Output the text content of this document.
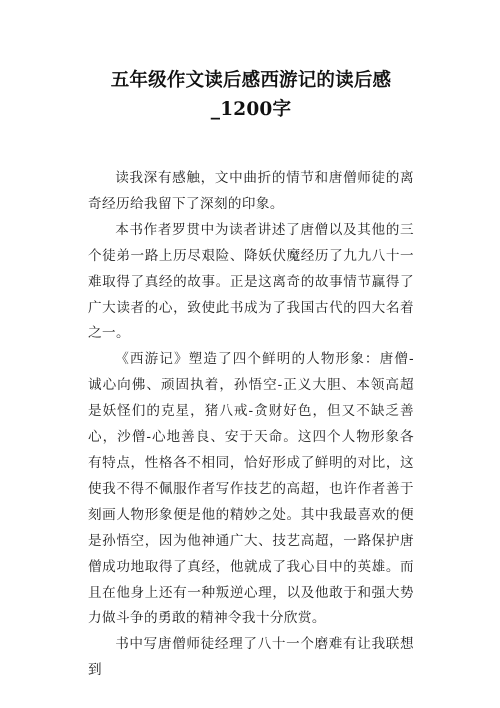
五年级作文读后感西游记的读后感_1200字

读我深有感触，文中曲折的情节和唐僧师徒的离奇经历给我留下了深刻的印象。

本书作者罗贯中为读者讲述了唐僧以及其他的三个徒弟一路上历尽艰险、降妖伏魔经历了九九八十一难取得了真经的故事。正是这离奇的故事情节赢得了广大读者的心，致使此书成为了我国古代的四大名着之一。

《西游记》塑造了四个鲜明的人物形象：唐僧-诚心向佛、顽固执着，孙悟空-正义大胆、本领高超是妖怪们的克星，猪八戒-贪财好色，但又不缺乏善心，沙僧-心地善良、安于天命。这四个人物形象各有特点，性格各不相同，恰好形成了鲜明的对比，这使我不得不佩服作者写作技艺的高超，也许作者善于刻画人物形象便是他的精妙之处。其中我最喜欢的便是孙悟空，因为他神通广大、技艺高超，一路保护唐僧成功地取得了真经，他就成了我心目中的英雄。而且在他身上还有一种叛逆心理，以及他敢于和强大势力做斗争的勇敢的精神令我十分欣赏。

书中写唐僧师徒经理了八十一个磨难有让我联想到
